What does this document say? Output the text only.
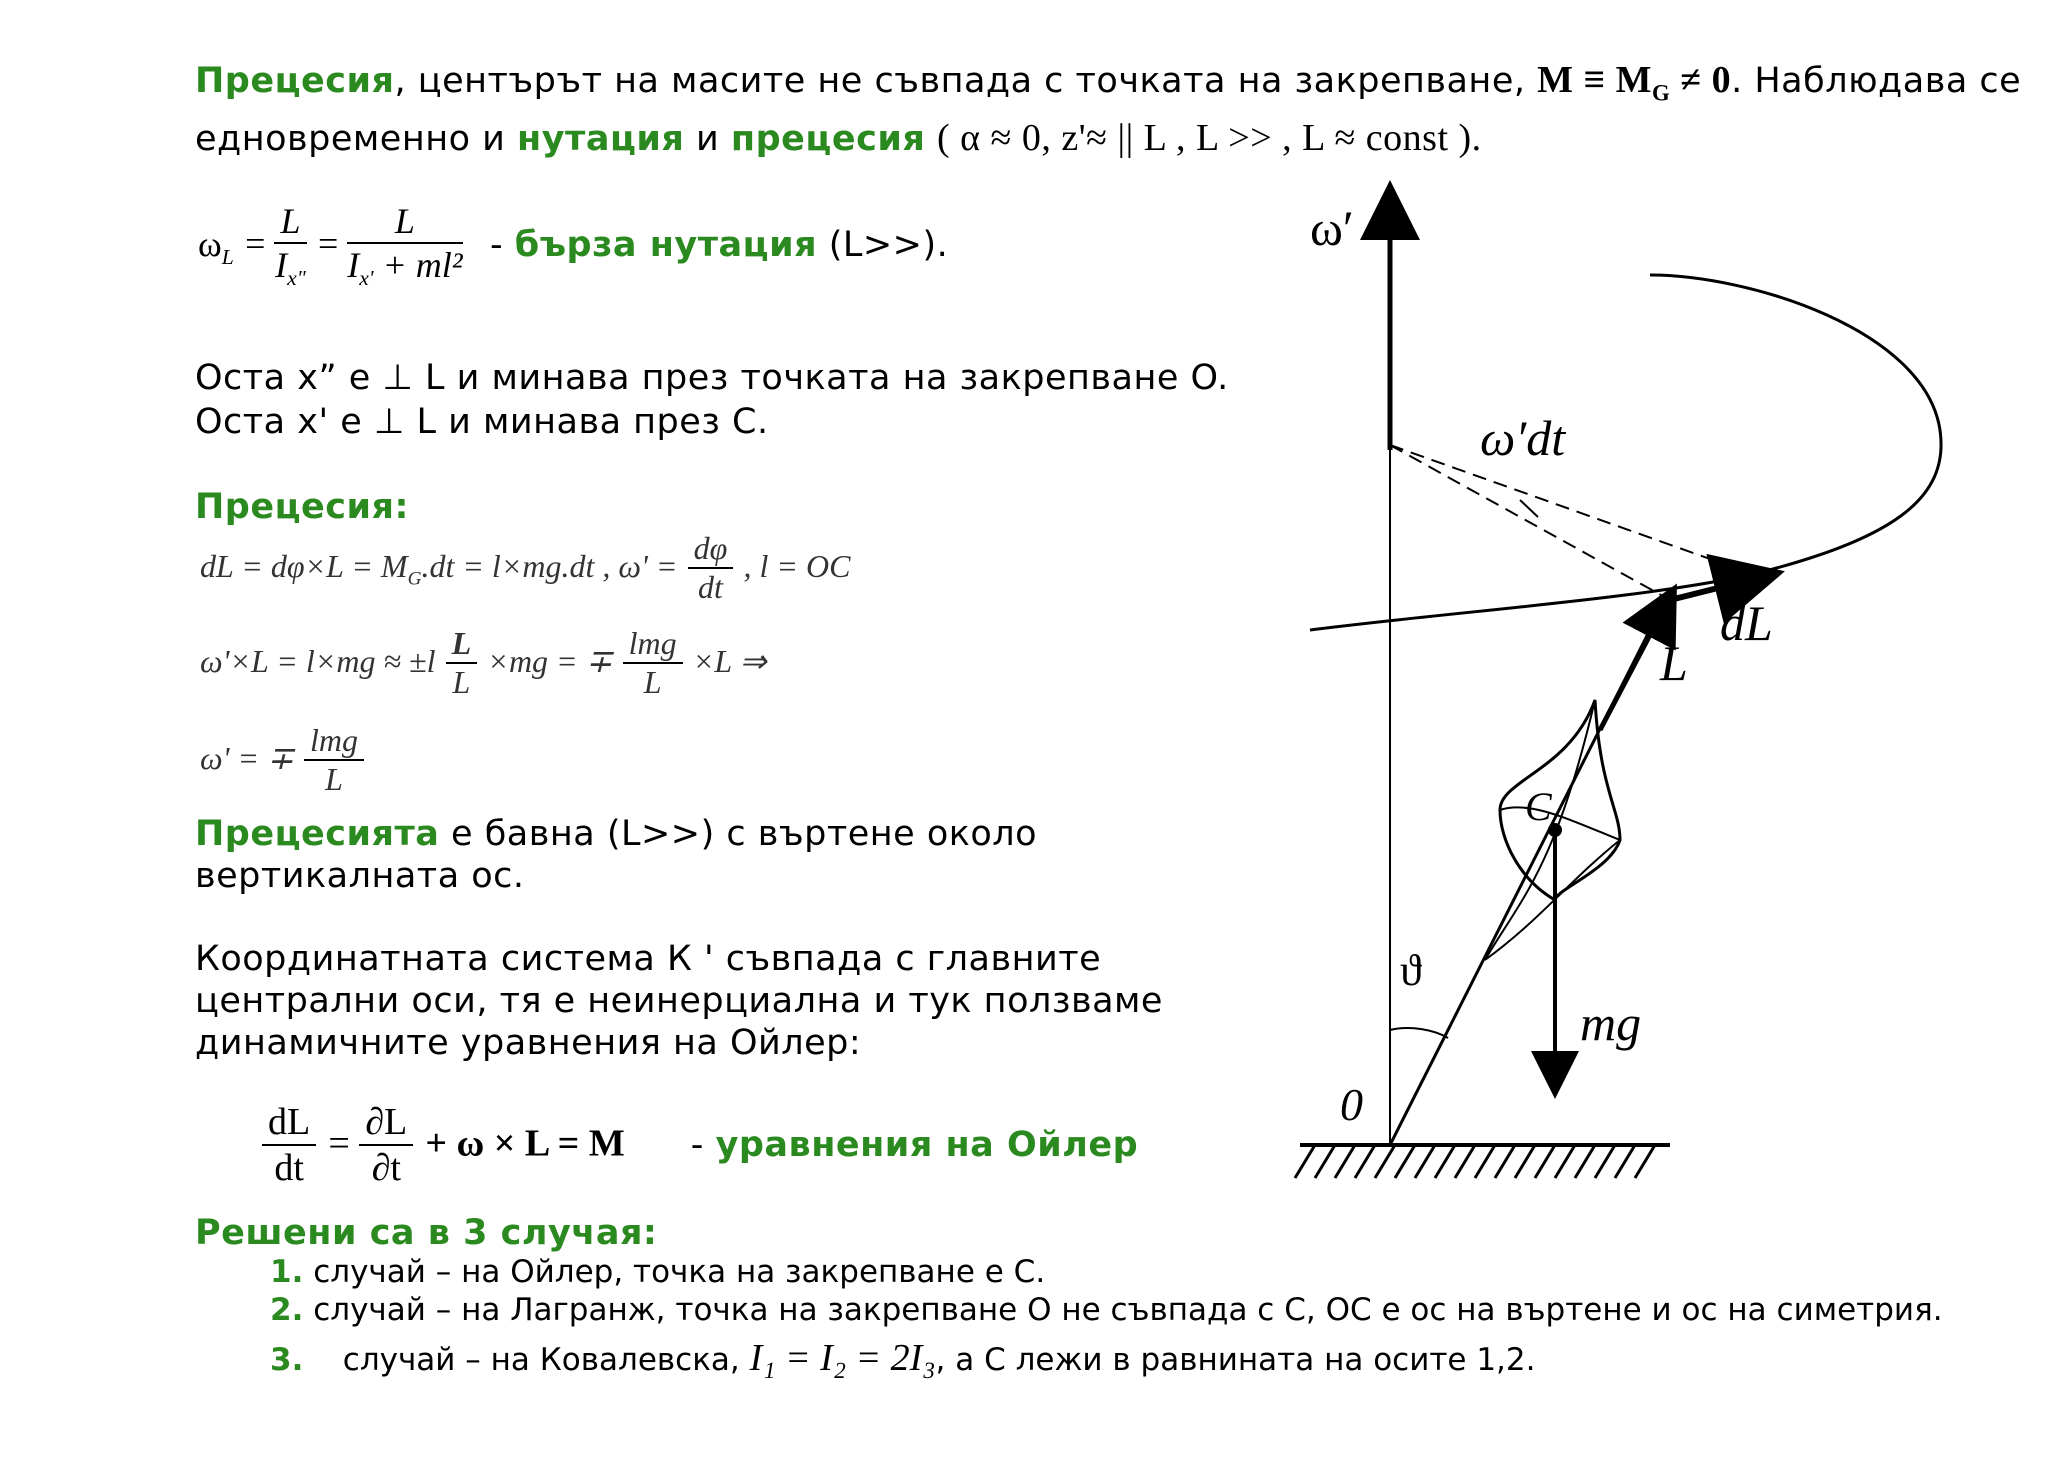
Прецесия, центърът на масите не съвпада с точката на закрепване, $M \equiv M_G \ne 0$. Наблюдава се
едновременно и нутация и прецесия ( α ≈ 0, z'≈ || L , L >> , L ≈ const ).
$\omega_L = \frac{L}{I_{x"}} = \frac{L}{I_{x'} + ml^2}$ - бърза нутация (L>>).
Оста x” е ⊥ L и минава през точката на закрепване O.
Оста x' е ⊥ L и минава през C.
Прецесия:
dL = $d\varphi\times L = M_G.dt = l\times mg.dt$ , $\omega' = \frac{d\varphi}{dt}$ , l = OC
$\omega'\times L = l\times mg \approx \pm l \frac{L}{L} \times mg$ = ∓ $\frac{\text{lmg}}{L} \times L$ ⇒
ω' = ∓ $\frac{\text{lmg}}{L}$
Прецесията е бавна (L>>) с въртене около
вертикалната ос.
Координатната система К ' съвпада с главните
централни оси, тя е неинерциална и тук ползваме
динамичните уравнения на Ойлер:
$\frac{dL}{dt} = \frac{\partial L}{\partial t} + \omega \times L = M$ - уравнения на Ойлер
Решени са в 3 случая:
1. случай – на Ойлер, точка на закрепване е C.
2. случай – на Лагранж, точка на закрепване O не съвпада с C, OC е ос на въртене и ос на симетрия.
3. случай – на Ковалевска, I₁ = I₂ = 2I₃, а C лежи в равнината на осите 1,2.
ω′
ω′dt
dL
L
C
ϑ
mg
0
